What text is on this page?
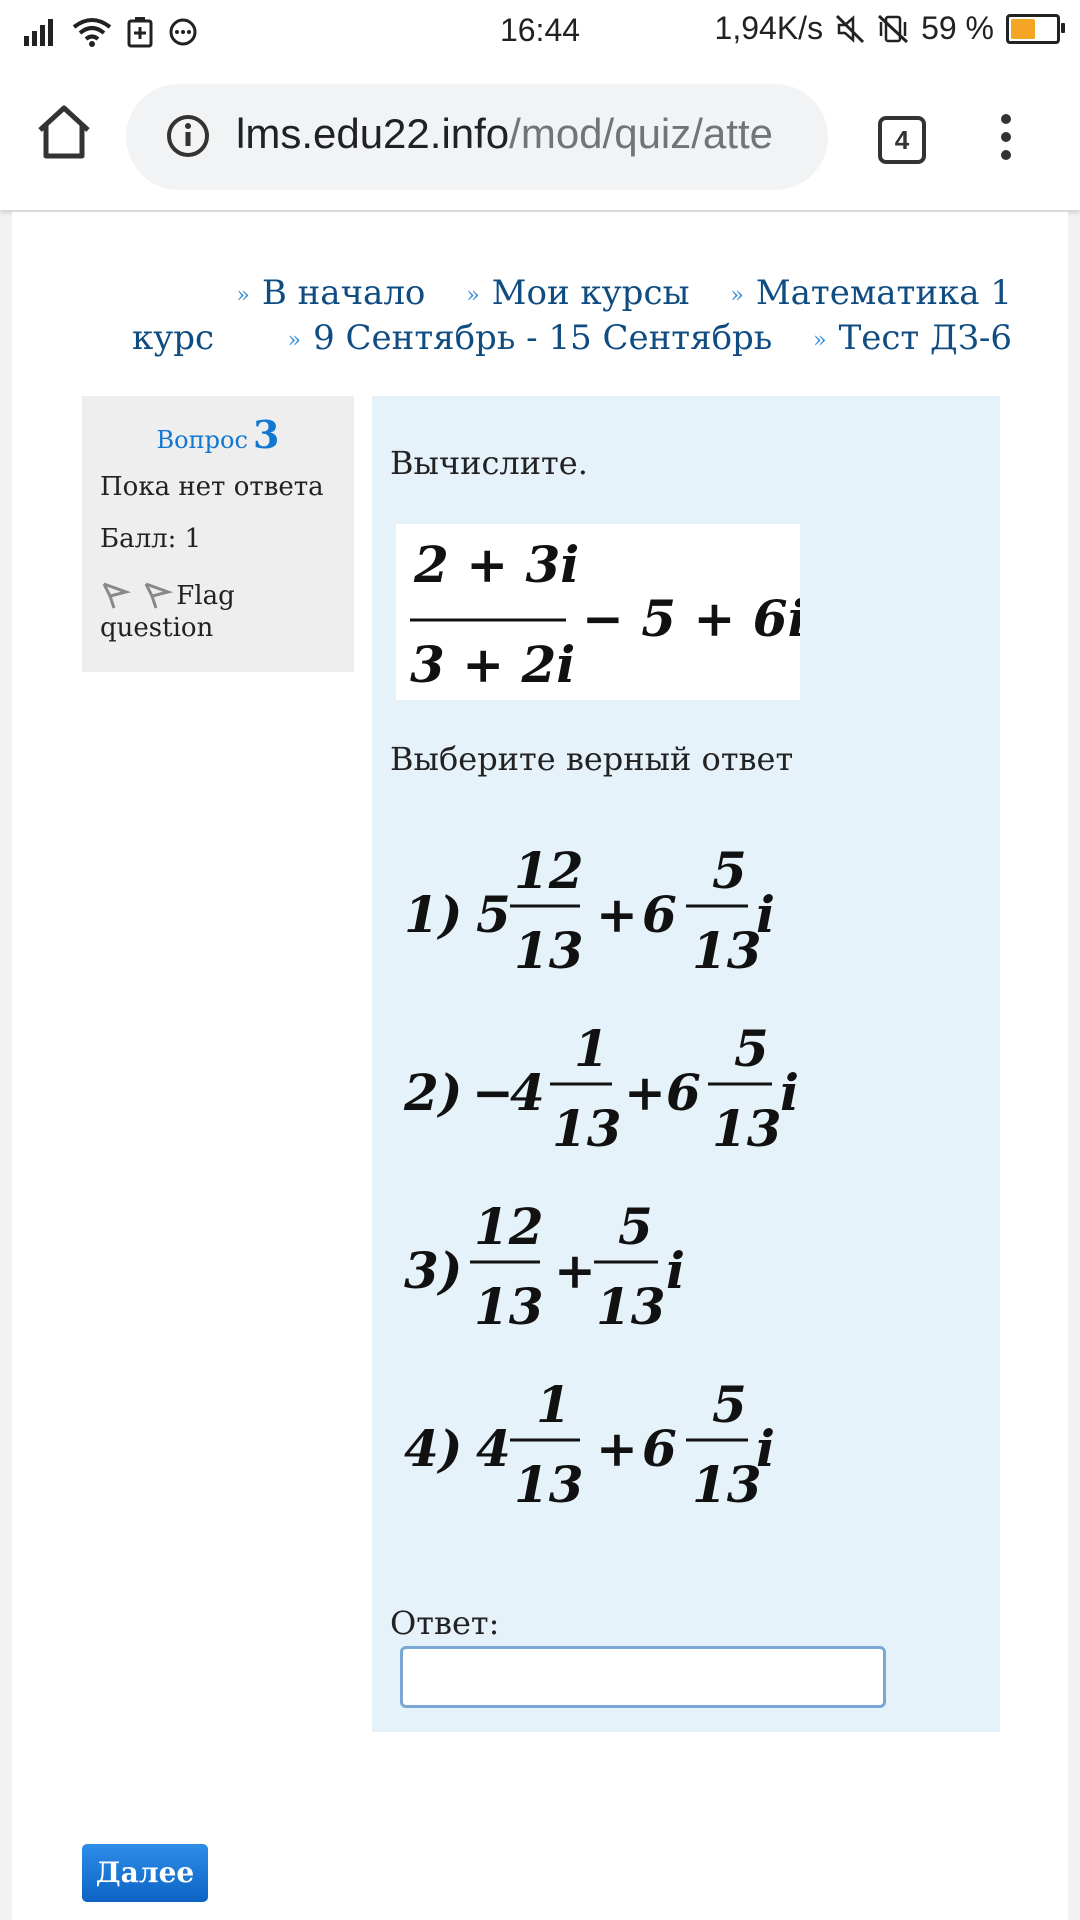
16:44	1,94K/s	59 %
lms.edu22.info/mod/quiz/atte	4
» В начало » Мои курсы » Математика 1

курс	» 9 Сентябрь - 15 Сентябрь » Тест ДЗ-6
Вопрос 3
Пока нет ответа
Балл: 1
Flag question
Вычислите.
2 + 3i
3 + 2i
− 5 + 6i
Выберите верный ответ
1) 5
12
13
+ 6
5
13
i
2) −
4
1
13
+ 6
5
13
i
3)
12
13
+
5
13
i
4) 4
1
13
+ 6
5
13
i
Ответ:
Далее
